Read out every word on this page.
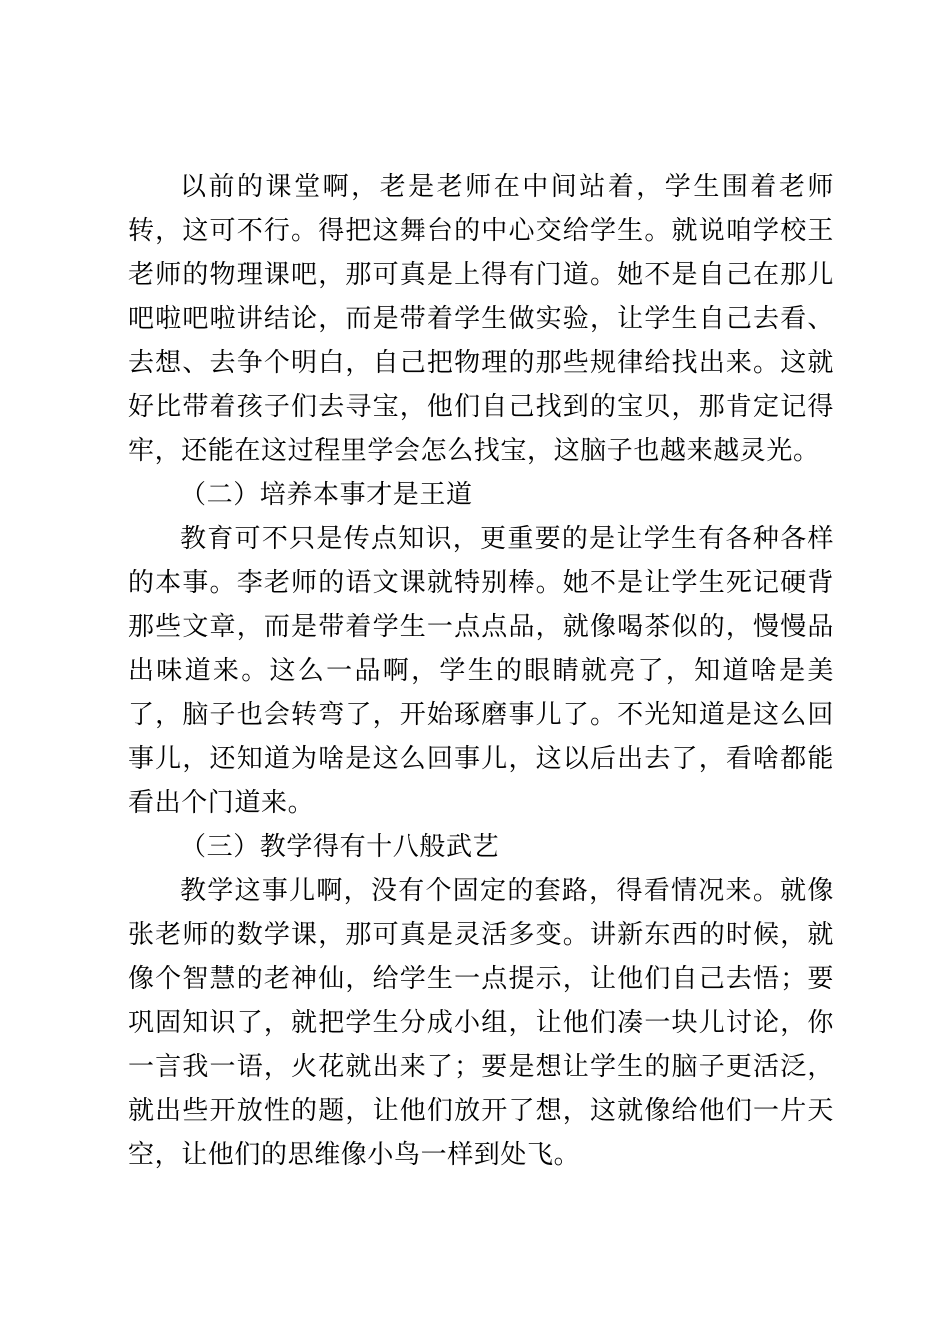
以前的课堂啊，老是老师在中间站着，学生围着老师转，这可不行。得把这舞台的中心交给学生。就说咱学校王老师的物理课吧，那可真是上得有门道。她不是自己在那儿吧啦吧啦讲结论，而是带着学生做实验，让学生自己去看、去想、去争个明白，自己把物理的那些规律给找出来。这就好比带着孩子们去寻宝，他们自己找到的宝贝，那肯定记得牢，还能在这过程里学会怎么找宝，这脑子也越来越灵光。

（二）培养本事才是王道

教育可不只是传点知识，更重要的是让学生有各种各样的本事。李老师的语文课就特别棒。她不是让学生死记硬背那些文章，而是带着学生一点点品，就像喝茶似的，慢慢品出味道来。这么一品啊，学生的眼睛就亮了，知道啥是美了，脑子也会转弯了，开始琢磨事儿了。不光知道是这么回事儿，还知道为啥是这么回事儿，这以后出去了，看啥都能看出个门道来。

（三）教学得有十八般武艺

教学这事儿啊，没有个固定的套路，得看情况来。就像张老师的数学课，那可真是灵活多变。讲新东西的时候，就像个智慧的老神仙，给学生一点提示，让他们自己去悟；要巩固知识了，就把学生分成小组，让他们凑一块儿讨论，你一言我一语，火花就出来了；要是想让学生的脑子更活泛，就出些开放性的题，让他们放开了想，这就像给他们一片天空，让他们的思维像小鸟一样到处飞。
